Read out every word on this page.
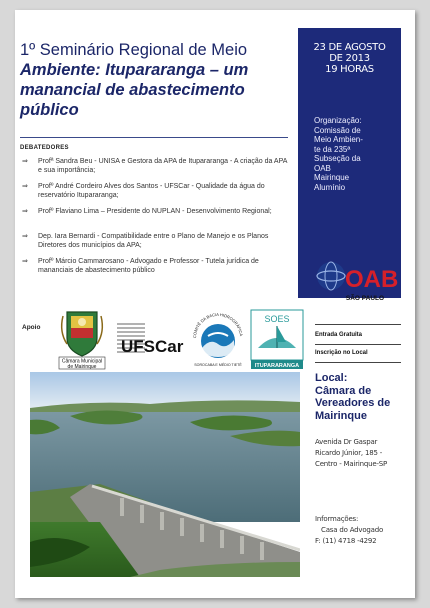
1º Seminário Regional de Meio
Ambiente: Itupararanga – um manancial de abastecimento público
DEBATEDORES
⇒ Profª Sandra Beu - UNISA e Gestora da APA de Itupararanga - A criação da APA e sua importância;
⇒ Profº André Cordeiro Alves dos Santos - UFSCar - Qualidade da água do reservatório Itupararanga;
⇒ Profº Flaviano Lima – Presidente do NUPLAN - Desenvolvimento Regional;
⇒ Dep. Iara Bernardi - Compatibilidade entre o Plano de Manejo e os Planos Diretores dos municípios da APA;
⇒ Profº Márcio Cammarosano - Advogado e Professor - Tutela jurídica de mananciais de abastecimento público
Apoio
Câmara Municipal
de Mairinque
UFSCar
COMITÊ DA BACIA HIDROGRÁFICA
SOROCABA E MÉDIO TIETÊ
SOES
ITUPARARANGA
23 DE AGOSTO
DE 2013
19 HORAS
Organização:
Comissão de
Meio Ambien-
te da 235ª
Subseção da
OAB
Mairinque
Alumínio
OAB
SÃO PAULO
Entrada Gratuita
Inscrição no Local
Local:
Câmara de
Vereadores de
Mairinque
Avenida Dr Gaspar
Ricardo Júnior, 185 -
Centro - Mairinque-SP
Informações:
Casa do Advogado
F: (11) 4718 -4292
